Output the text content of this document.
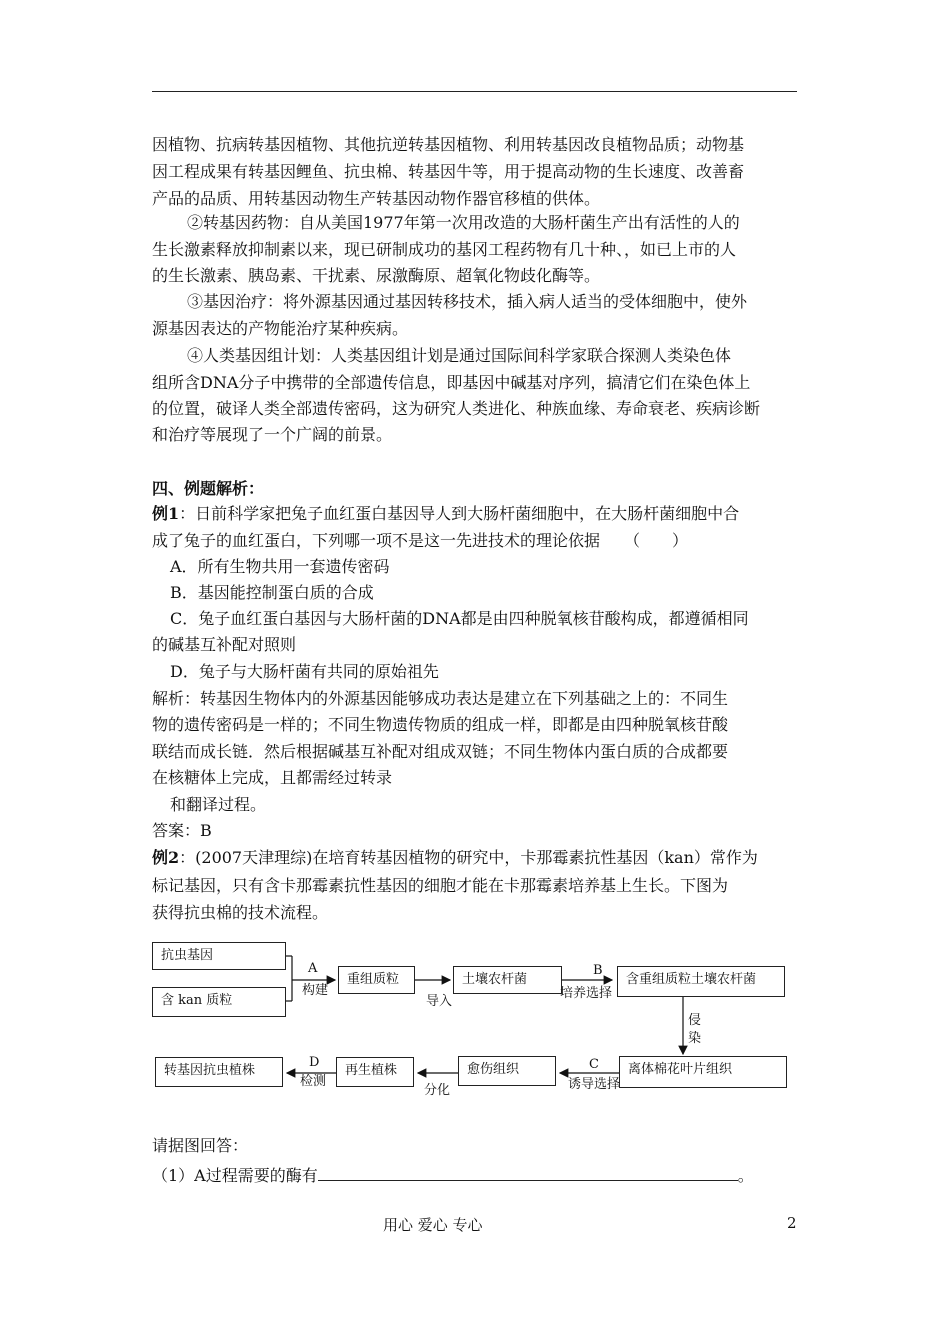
因植物、抗病转基因植物、其他抗逆转基因植物、利用转基因改良植物品质；动物基
因工程成果有转基因鲤鱼、抗虫棉、转基因牛等，用于提高动物的生长速度、改善畜
产品的品质、用转基因动物生产转基因动物作器官移植的供体。
②转基因药物：自从美国1977年第一次用改造的大肠杆菌生产出有活性的人的
生长激素释放抑制素以来，现已研制成功的基冈工程药物有几十种、，如已上市的人
的生长激素、胰岛素、干扰素、尿激酶原、超氧化物歧化酶等。
③基因治疗：将外源基因通过基因转移技术，插入病人适当的受体细胞中，使外
源基因表达的产物能治疗某种疾病。
④人类基因组计划：人类基因组计划是通过国际间科学家联合探测人类染色体
组所含DNA分子中携带的全部遗传信息，即基因中碱基对序列，搞清它们在染色体上
的位置，破译人类全部遗传密码，这为研究人类进化、种族血缘、寿命衰老、疾病诊断
和治疗等展现了一个广阔的前景。
四、例题解析：
例1：日前科学家把兔子血红蛋白基因导人到大肠杆菌细胞中，在大肠杆菌细胞中合
成了兔子的血红蛋白，下列哪一项不是这一先进技术的理论依据　　（　　）
A．所有生物共用一套遗传密码
B．基因能控制蛋白质的合成
C．兔子血红蛋白基因与大肠杆菌的DNA都是由四种脱氧核苷酸构成，都遵循相同
的碱基互补配对照则
D．兔子与大肠杆菌有共同的原始祖先
解析：转基因生物体内的外源基因能够成功表达是建立在下列基础之上的：不同生
物的遗传密码是一样的；不同生物遗传物质的组成一样，即都是由四种脱氧核苷酸
联结而成长链．然后根据碱基互补配对组成双链；不同生物体内蛋白质的合成都要
在核糖体上完成，且都需经过转录
和翻译过程。
答案：B
例2：(2007天津理综)在培育转基因植物的研究中，卡那霉素抗性基因（kan）常作为
标记基因，只有含卡那霉素抗性基因的细胞才能在卡那霉素培养基上生长。下图为
获得抗虫棉的技术流程。
抗虫基因
含 kan 质粒
重组质粒	土壤农杆菌	含重组质粒土壤农杆菌
A
构建
导入
B
培养选择
侵
染
转基因抗虫植株	再生植株	愈伤组织	离体棉花叶片组织
C
诱导选择
分化
D
检测
请据图回答：
（1）A过程需要的酶有	。
用心 爱心 专心	2
